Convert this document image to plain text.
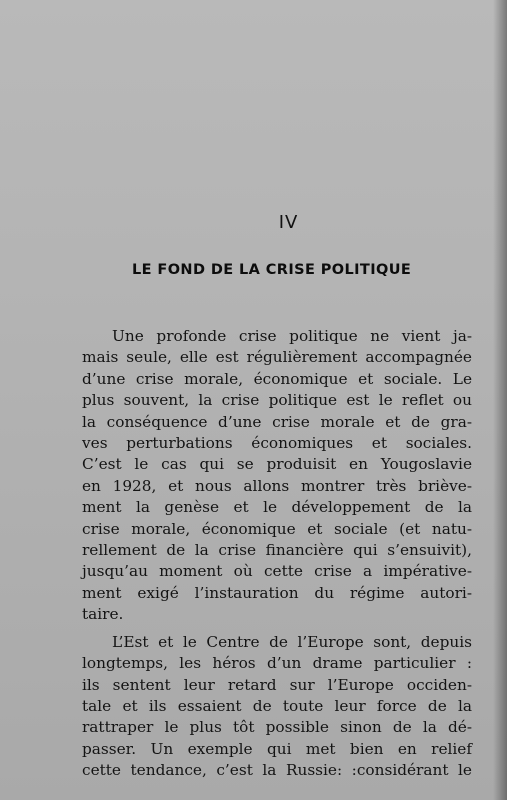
IV
LE FOND DE LA CRISE POLITIQUE

Une profonde crise politique ne vient ja-
mais seule, elle est régulièrement accompagnée
d’une crise morale, économique et sociale. Le
plus souvent, la crise politique est le reflet ou
la conséquence d’une crise morale et de gra-
ves perturbations économiques et sociales.
C’est le cas qui se produisit en Yougoslavie
en 1928, et nous allons montrer très briève-
ment la genèse et le développement de la
crise morale, économique et sociale (et natu-
rellement de la crise financière qui s’ensuivit),
jusqu’au moment où cette crise a impérative-
ment exigé l’instauration du régime autori-
taire.

L’Est et le Centre de l’Europe sont, depuis
longtemps, les héros d’un drame particulier :
ils sentent leur retard sur l’Europe occiden-
tale et ils essaient de toute leur force de la
rattraper le plus tôt possible sinon de la dé-
passer. Un exemple qui met bien en relief
cette tendance, c’est la Russie: :considérant le
